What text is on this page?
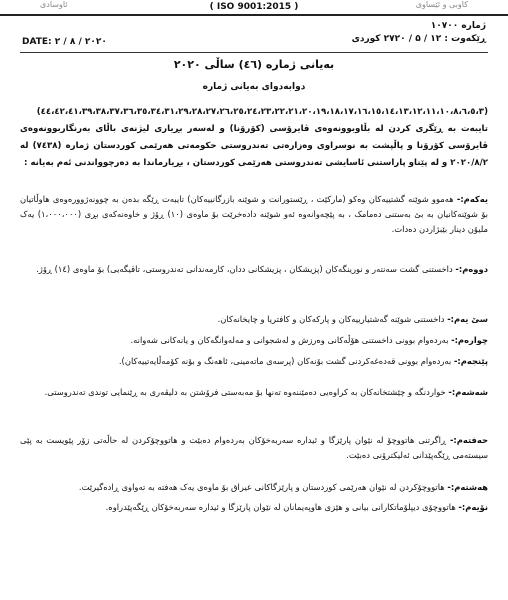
ئاوسادی	( ISO 9001:2015 )	کاوبی و ئێساوی
ژماره ۱۰۷۰۰
ڕێکەوت : ۱۲ / ۵ / ۲۷۲۰ کوردی
DATE: ٢٠٢٠ / ٨ / ٢
بەیانی ژمارە (٤٦) ساڵی ٢٠٢٠
دوابەدوای بەیانی ژمارە
(٤٤،٤٢،٤١،٣٩،٣٨،٣٧،٣٦،٣٥،٣٤،٣١،٢٩،٢٨،٢٧،٢٦،٢٥،٢٤،٢٣،٢٢،٢١،٢٠،١٩،١٨،١٧،١٦،١٥،١٤،١٣،١٢،١١،١٠،٨،٦،٥،٣) تایبەت بە ڕێگری کردن لە بڵاوبوونەوەی ڤایرۆسی (کۆرۆنا) و لەسەر بڕیاری لیژنەی باڵای بەرنگاربوونەوەی ڤایرۆسی کۆرۆنا و پاڵپشت بە نوسراوی وەزارەتی تەندروستی حکومەتی هەرێمی کوردستان ژمارە (٧٤٣٨) لە ٢٠٢٠/٨/٢ و لە پێناو پاراستنی ئاسایشی تەندروستی هەرێمی کوردستان ، بڕیارماندا بە دەرچوواندنی ئەم بەیانە :
یەکەم:- هەموو شوێنە گشتییەکان وەکو (مارکێت ، ڕێستورانت و شوێنە بازرگانییەکان) تایبەت ڕێگە بدەن بە چوونەژوورەوەی هاوڵاتیان بۆ شوێنەکانیان بە بێ بەستنی دەمامک ، بە پێچەوانەوە ئەو شوێنە دادەخرێت بۆ ماوەی (١٠) ڕۆژ و خاوەنەکەی بڕی (١،٠٠٠،٠٠٠) یەک ملیۆن دینار بێبژاردن دەدات.
دووەم:- داخستنی گشت سەنتەر و نورینگەکان (پزیشکان ، پزیشکانی ددان، کارمەندانی تەندروستی، تاقیگەیی) بۆ ماوەی (١٤) ڕۆژ.
سێ یەم:- داخستنی شوێنە گەشتیارییەکان و پارکەکان و کافتریا و چایخانەکان.
چوارەم:- بەردەوام بوونی داخستنی هۆڵەکانی وەرزش و لەشجوانی و مەلەوانگەکان و یانەکانی شەوانە.
پێنجەم:- بەردەوام بوونی قەدەغەکردنی گشت بۆنەکان (پرسەی ماتەمینی، ئاهەنگ و بۆنە کۆمەڵایەتییەکان).
شەشەم:- خواردنگە و چێشتخانەکان بە کراوەیی دەمێننەوە تەنها بۆ مەبەستی فرۆشتن بە دلیڤەری بە ڕێنمایی توندی تەندروستی.
حەفتەم:- ڕاگرتنی هاتووچۆ لە نێوان پارێزگا و ئیدارە سەربەخۆکان بەردەوام دەبێت و هاتووچۆکردن لە حاڵەتی زۆر پێویست بە پێی سیستەمی ڕێگەپێدانی ئەلیکترۆنی دەبێت.
هەشتەم:- هاتووچۆکردن لە نێوان هەرێمی کوردستان و پارێزگاکانی عیراق بۆ ماوەی یەک هەفتە بە تەواوی ڕادەگیرێت.
نۆیەم:- هاتووچۆی دیپلۆماتکارانی بیانی و هێزی هاوپەیمانان لە نێوان پارێزگا و ئیدارە سەربەخۆکان ڕێگەپێدراوە.
